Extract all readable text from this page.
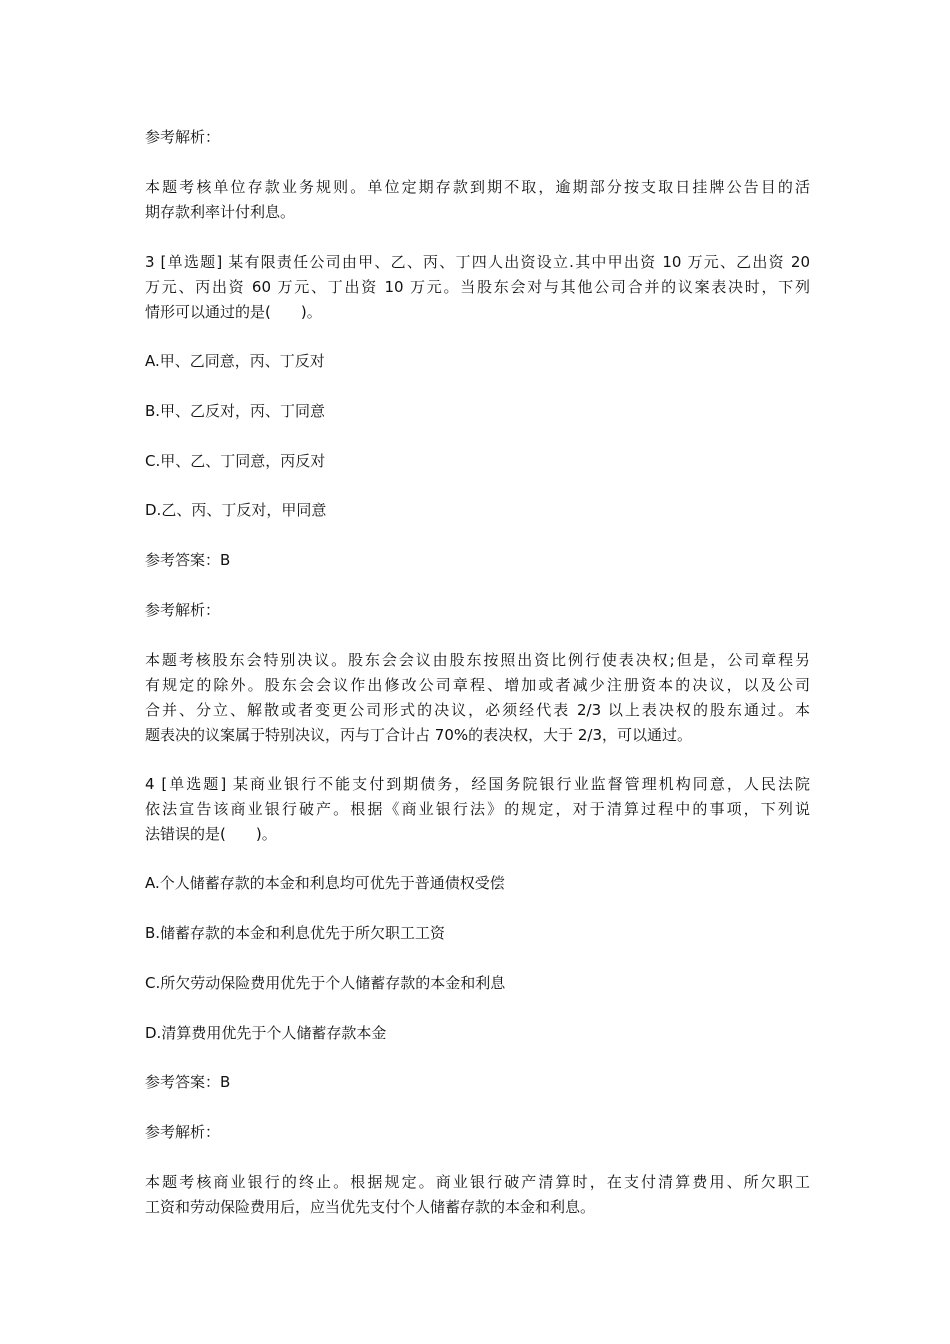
参考解析：

本题考核单位存款业务规则。单位定期存款到期不取，逾期部分按支取日挂牌公告目的活
期存款利率计付利息。

3 [单选题] 某有限责任公司由甲、乙、丙、丁四人出资设立.其中甲出资 10 万元、乙出资 20
万元、丙出资 60 万元、丁出资 10 万元。当股东会对与其他公司合并的议案表决时，下列
情形可以通过的是(　　)。

A.甲、乙同意，丙、丁反对

B.甲、乙反对，丙、丁同意

C.甲、乙、丁同意，丙反对

D.乙、丙、丁反对，甲同意

参考答案：B

参考解析：

本题考核股东会特别决议。股东会会议由股东按照出资比例行使表决权;但是，公司章程另
有规定的除外。股东会会议作出修改公司章程、增加或者减少注册资本的决议，以及公司
合并、分立、解散或者变更公司形式的决议，必须经代表 2/3 以上表决权的股东通过。本
题表决的议案属于特别决议，丙与丁合计占 70%的表决权，大于 2/3，可以通过。

4 [单选题] 某商业银行不能支付到期债务，经国务院银行业监督管理机构同意，人民法院
依法宣告该商业银行破产。根据《商业银行法》的规定，对于清算过程中的事项，下列说
法错误的是(　　)。

A.个人储蓄存款的本金和利息均可优先于普通债权受偿

B.储蓄存款的本金和利息优先于所欠职工工资

C.所欠劳动保险费用优先于个人储蓄存款的本金和利息

D.清算费用优先于个人储蓄存款本金

参考答案：B

参考解析：

本题考核商业银行的终止。根据规定。商业银行破产清算时，在支付清算费用、所欠职工
工资和劳动保险费用后，应当优先支付个人储蓄存款的本金和利息。
